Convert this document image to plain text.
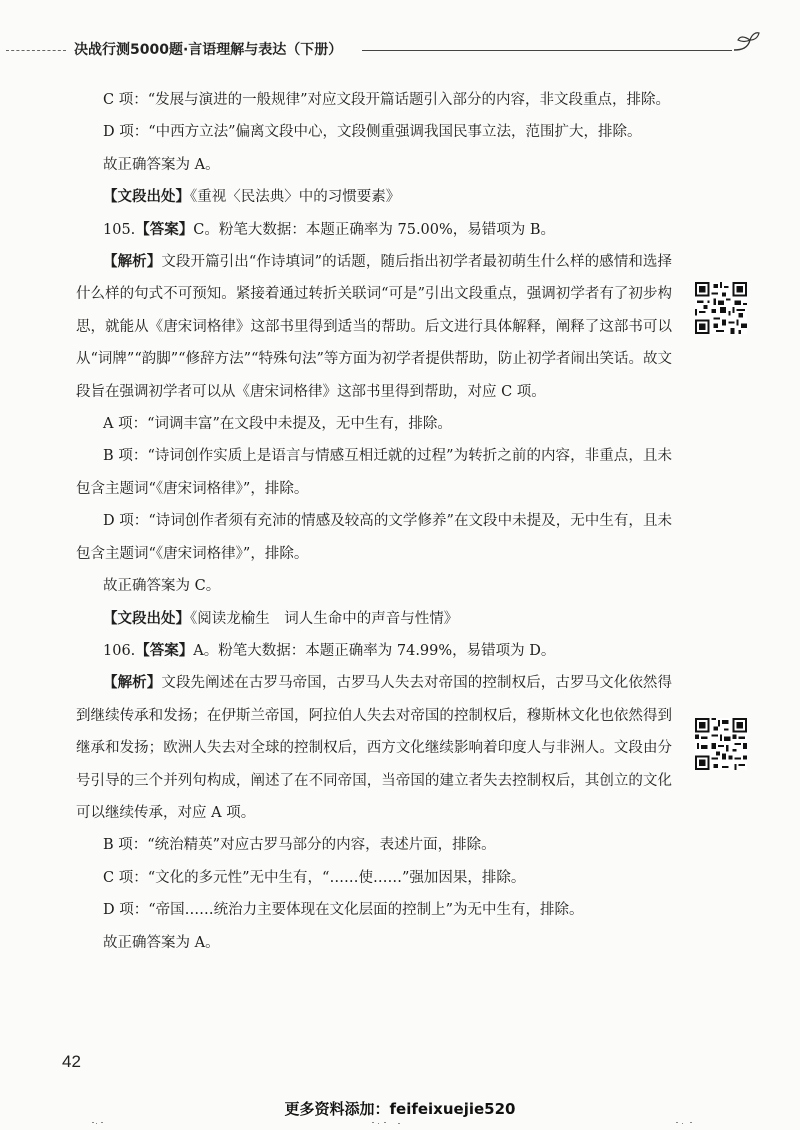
决战行测5000题·言语理解与表达（下册）

C 项：“发展与演进的一般规律”对应文段开篇话题引入部分的内容，非文段重点，排除。

D 项：“中西方立法”偏离文段中心，文段侧重强调我国民事立法，范围扩大，排除。

故正确答案为 A。

【文段出处】《重视〈民法典〉中的习惯要素》

105.【答案】C。粉笔大数据：本题正确率为 75.00%，易错项为 B。

【解析】文段开篇引出“作诗填词”的话题，随后指出初学者最初萌生什么样的感情和选择什么样的句式不可预知。紧接着通过转折关联词“可是”引出文段重点，强调初学者有了初步构思，就能从《唐宋词格律》这部书里得到适当的帮助。后文进行具体解释，阐释了这部书可以从“词牌”“韵脚”“修辞方法”“特殊句法”等方面为初学者提供帮助，防止初学者闹出笑话。故文段旨在强调初学者可以从《唐宋词格律》这部书里得到帮助，对应 C 项。

A 项：“词调丰富”在文段中未提及，无中生有，排除。

B 项：“诗词创作实质上是语言与情感互相迁就的过程”为转折之前的内容，非重点，且未包含主题词“《唐宋词格律》”，排除。

D 项：“诗词创作者须有充沛的情感及较高的文学修养”在文段中未提及，无中生有，且未包含主题词“《唐宋词格律》”，排除。

故正确答案为 C。

【文段出处】《阅读龙榆生　词人生命中的声音与性情》

106.【答案】A。粉笔大数据：本题正确率为 74.99%，易错项为 D。

【解析】文段先阐述在古罗马帝国，古罗马人失去对帝国的控制权后，古罗马文化依然得到继续传承和发扬；在伊斯兰帝国，阿拉伯人失去对帝国的控制权后，穆斯林文化也依然得到继承和发扬；欧洲人失去对全球的控制权后，西方文化继续影响着印度人与非洲人。文段由分号引导的三个并列句构成，阐述了在不同帝国，当帝国的建立者失去控制权后，其创立的文化可以继续传承，对应 A 项。

B 项：“统治精英”对应古罗马部分的内容，表述片面，排除。

C 项：“文化的多元性”无中生有，“……使……”强加因果，排除。

D 项：“帝国……统治力主要体现在文化层面的控制上”为无中生有，排除。

故正确答案为 A。

42
更多资料添加：feifeixuejie520
